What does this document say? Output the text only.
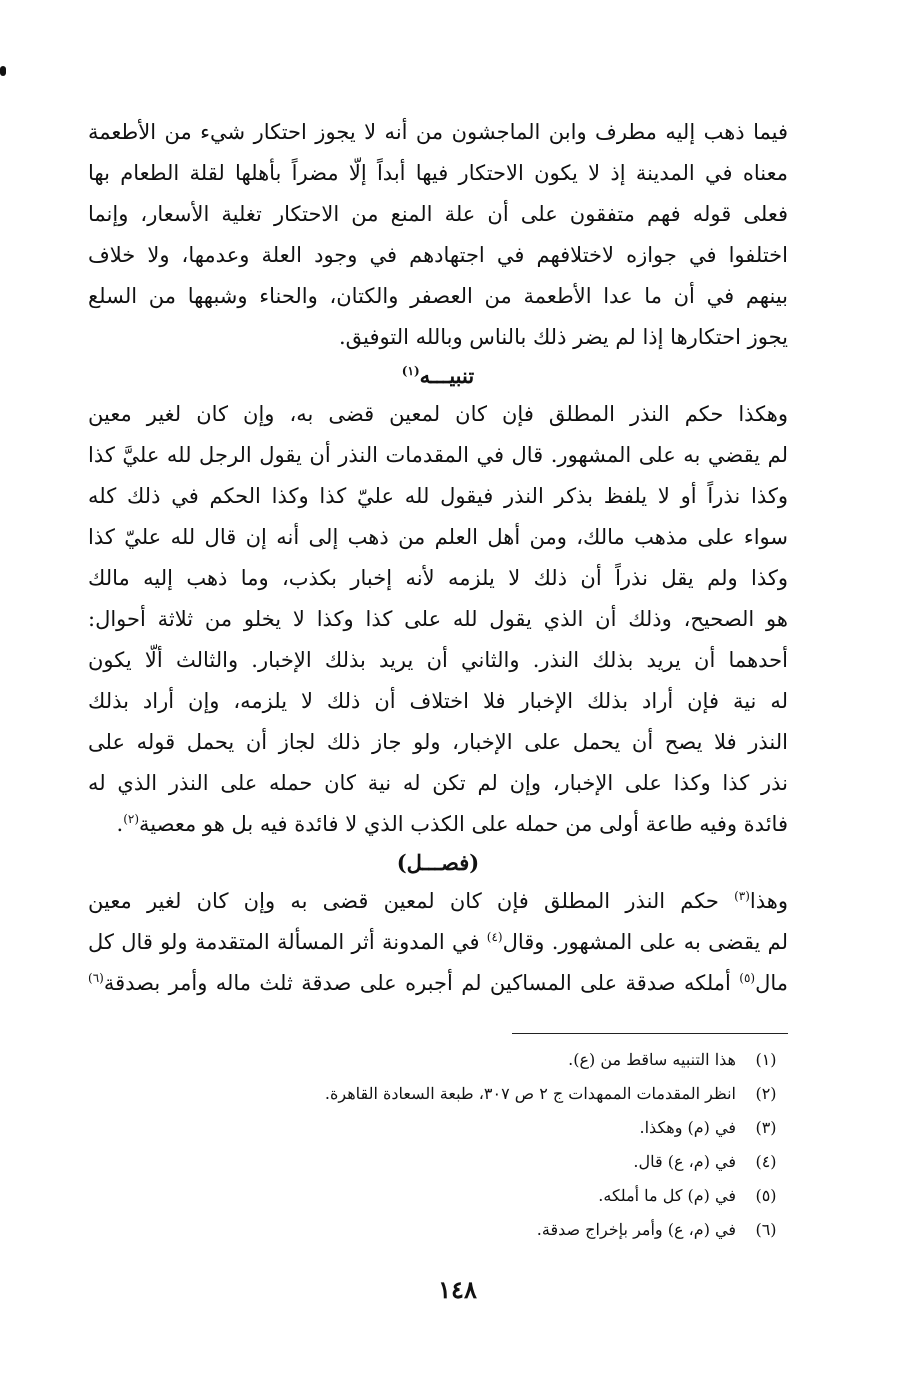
فيما ذهب إليه مطرف وابن الماجشون من أنه لا يجوز احتكار شيء من الأطعمة
معناه في المدينة إذ لا يكون الاحتكار فيها أبداً إلّا مضراً بأهلها لقلة الطعام بها
فعلى قوله فهم متفقون على أن علة المنع من الاحتكار تغلية الأسعار، وإنما
اختلفوا في جوازه لاختلافهم في اجتهادهم في وجود العلة وعدمها، ولا خلاف
بينهم في أن ما عدا الأطعمة من العصفر والكتان، والحناء وشبهها من السلع
يجوز احتكارها إذا لم يضر ذلك بالناس وبالله التوفيق.
تنبيـــه$^{(١)}$
وهكذا حكم النذر المطلق فإن كان لمعين قضى به، وإن كان لغير معين
لم يقضي به على المشهور. قال في المقدمات النذر أن يقول الرجل لله عليَّ كذا
وكذا نذراً أو لا يلفظ بذكر النذر فيقول لله عليّ كذا وكذا الحكم في ذلك كله
سواء على مذهب مالك، ومن أهل العلم من ذهب إلى أنه إن قال لله عليّ كذا
وكذا ولم يقل نذراً أن ذلك لا يلزمه لأنه إخبار بكذب، وما ذهب إليه مالك
هو الصحيح، وذلك أن الذي يقول لله على كذا وكذا لا يخلو من ثلاثة أحوال:
أحدهما أن يريد بذلك النذر. والثاني أن يريد بذلك الإخبار. والثالث ألّا يكون
له نية فإن أراد بذلك الإخبار فلا اختلاف أن ذلك لا يلزمه، وإن أراد بذلك
النذر فلا يصح أن يحمل على الإخبار، ولو جاز ذلك لجاز أن يحمل قوله على
نذر كذا وكذا على الإخبار، وإن لم تكن له نية كان حمله على النذر الذي له
فائدة وفيه طاعة أولى من حمله على الكذب الذي لا فائدة فيه بل هو معصية$^{(٢)}$.
(فصـــل)
وهذا$^{(٣)}$ حكم النذر المطلق فإن كان لمعين قضى به وإن كان لغير معين
لم يقضى به على المشهور. وقال$^{(٤)}$ في المدونة أثر المسألة المتقدمة ولو قال كل
مال$^{(٥)}$ أملكه صدقة على المساكين لم أجبره على صدقة ثلث ماله وأمر بصدقة$^{(٦)}$
(١)
هذا التنبيه ساقط من (ع).
(٢)
انظر المقدمات الممهدات ج ٢ ص ٣٠٧، طبعة السعادة القاهرة.
(٣)
في (م) وهكذا.
(٤)
في (م، ع) قال.
(٥)
في (م) كل ما أملكه.
(٦)
في (م، ع) وأمر بإخراج صدقة.
١٤٨
